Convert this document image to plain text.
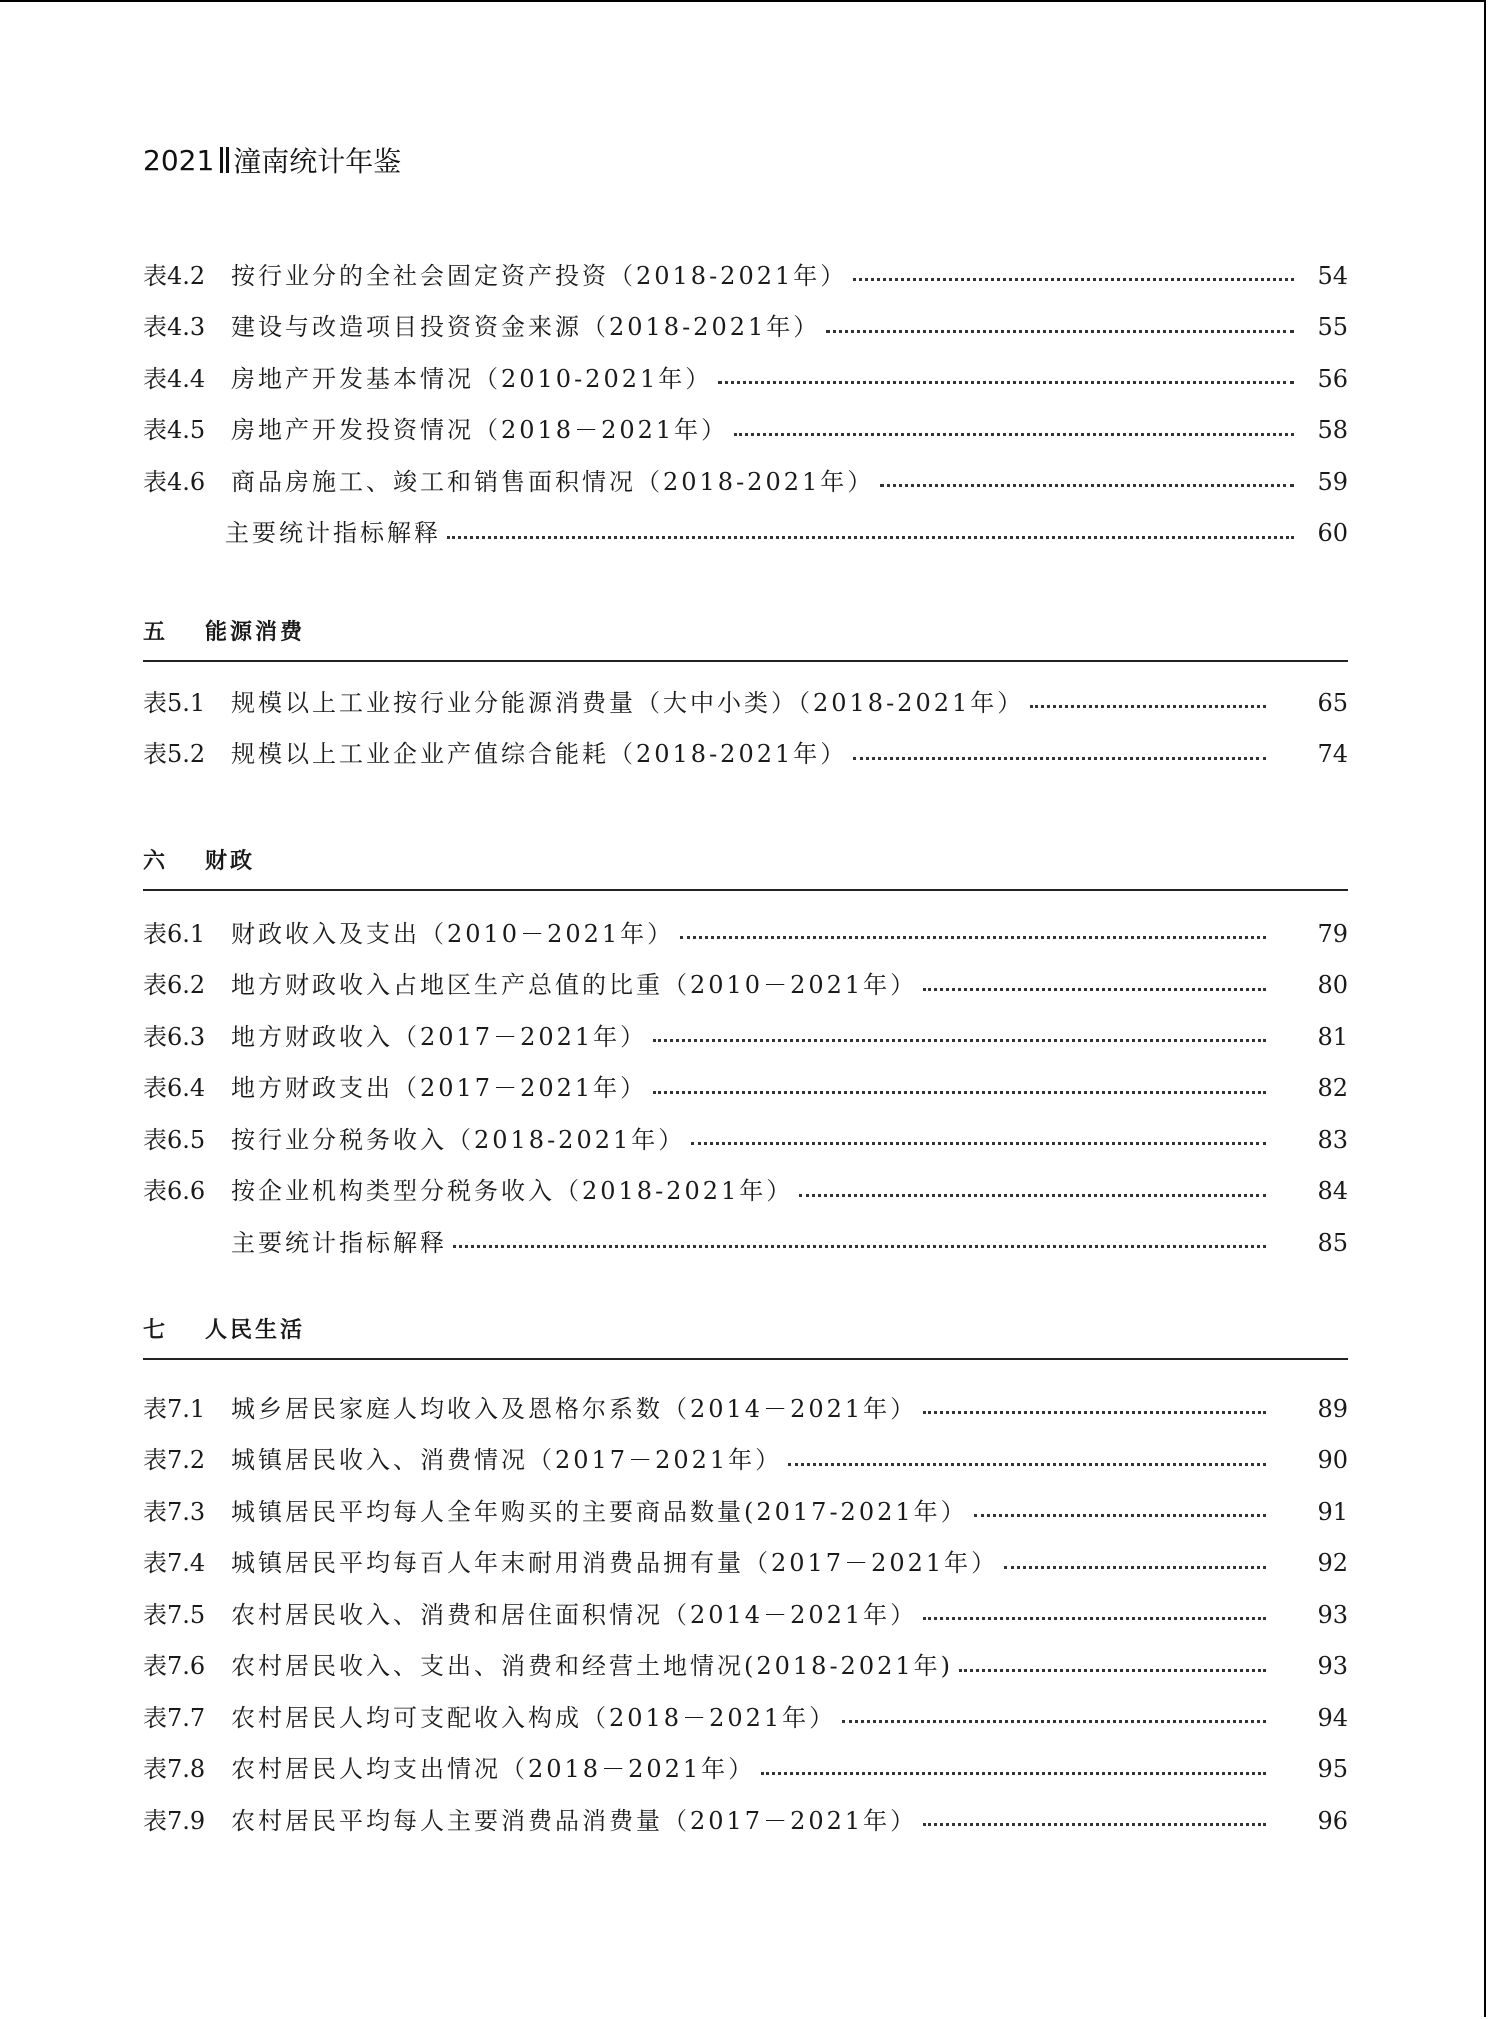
2021 潼南统计年鉴
表4.2	按行业分的全社会固定资产投资（2018-2021年）	54
表4.3	建设与改造项目投资资金来源（2018-2021年）	55
表4.4	房地产开发基本情况（2010-2021年）	56
表4.5	房地产开发投资情况（2018－2021年）	58
表4.6	商品房施工、竣工和销售面积情况（2018-2021年）	59
主要统计指标解释	60
五	能源消费
表5.1	规模以上工业按行业分能源消费量（大中小类）（2018-2021年）	65
表5.2	规模以上工业企业产值综合能耗（2018-2021年）	74
六	财政
表6.1	财政收入及支出（2010－2021年）	79
表6.2	地方财政收入占地区生产总值的比重（2010－2021年）	80
表6.3	地方财政收入（2017－2021年）	81
表6.4	地方财政支出（2017－2021年）	82
表6.5	按行业分税务收入（2018-2021年）	83
表6.6	按企业机构类型分税务收入（2018-2021年）	84
主要统计指标解释	85
七	人民生活
表7.1	城乡居民家庭人均收入及恩格尔系数（2014－2021年）	89
表7.2	城镇居民收入、消费情况（2017－2021年）	90
表7.3	城镇居民平均每人全年购买的主要商品数量(2017-2021年）	91
表7.4	城镇居民平均每百人年末耐用消费品拥有量（2017－2021年）	92
表7.5	农村居民收入、消费和居住面积情况（2014－2021年）	93
表7.6	农村居民收入、支出、消费和经营土地情况(2018-2021年)	93
表7.7	农村居民人均可支配收入构成（2018－2021年）	94
表7.8	农村居民人均支出情况（2018－2021年）	95
表7.9	农村居民平均每人主要消费品消费量（2017－2021年）	96
